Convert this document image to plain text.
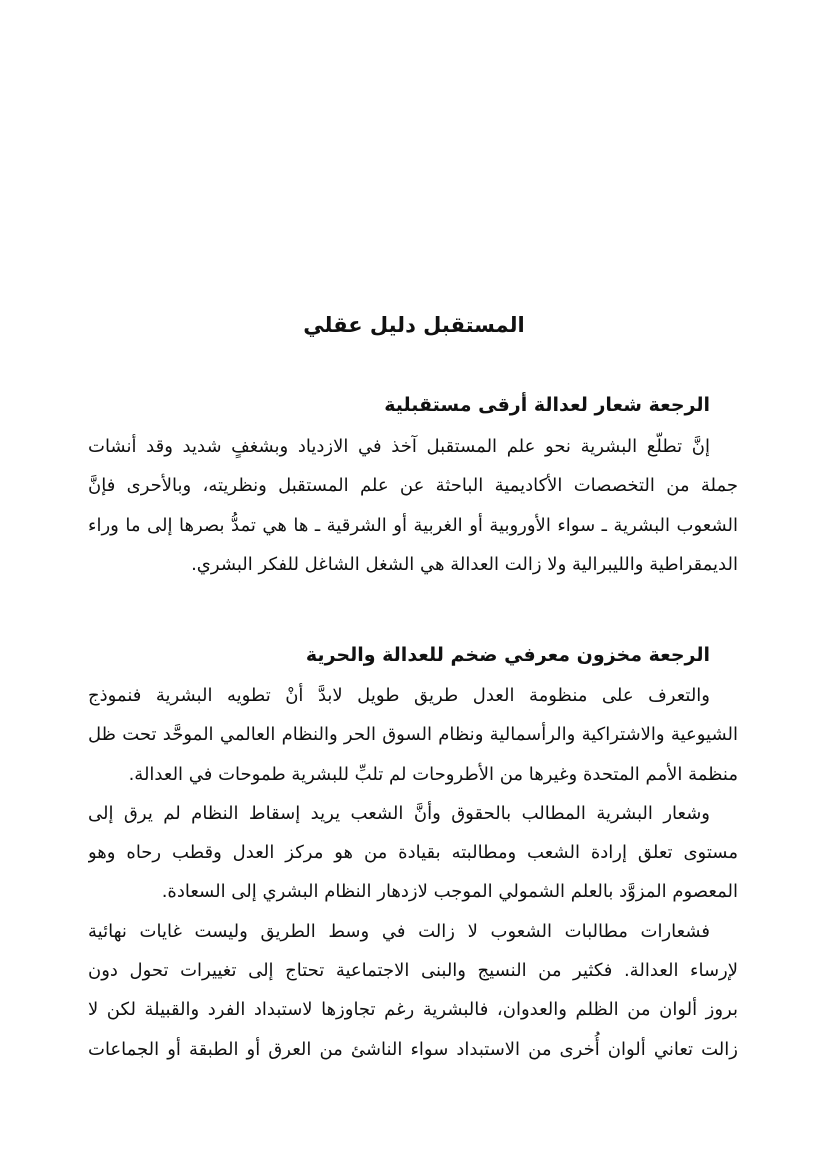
المستقبل دليل عقلي
الرجعة شعار لعدالة أرقى مستقبلية

إنَّ تطلّع البشرية نحو علم المستقبل آخذ في الازدياد وبشغفٍ شديد وقد أنشات
جملة من التخصصات الأكاديمية الباحثة عن علم المستقبل ونظريته، وبالأحرى فإنَّ
الشعوب البشرية ـ سواء الأوروبية أو الغربية أو الشرقية ـ ها هي تمدُّ بصرها إلى ما وراء
الديمقراطية والليبرالية ولا زالت العدالة هي الشغل الشاغل للفكر البشري.

الرجعة مخزون معرفي ضخم للعدالة والحرية

والتعرف على منظومة العدل طريق طويل لابدَّ أنْ تطويه البشرية فنموذج
الشيوعية والاشتراكية والرأسمالية ونظام السوق الحر والنظام العالمي الموحَّد تحت ظل
منظمة الأمم المتحدة وغيرها من الأطروحات لم تلبِّ للبشرية طموحات في العدالة.

وشعار البشرية المطالب بالحقوق وأنَّ الشعب يريد إسقاط النظام لم يرق إلى
مستوى تعلق إرادة الشعب ومطالبته بقيادة من هو مركز العدل وقطب رحاه وهو
المعصوم المزوَّد بالعلم الشمولي الموجب لازدهار النظام البشري إلى السعادة.

فشعارات مطالبات الشعوب لا زالت في وسط الطريق وليست غايات نهائية
لإرساء العدالة. فكثير من النسيج والبنى الاجتماعية تحتاج إلى تغييرات تحول دون
بروز ألوان من الظلم والعدوان، فالبشرية رغم تجاوزها لاستبداد الفرد والقبيلة لكن لا
زالت تعاني ألوان أُخرى من الاستبداد سواء الناشئ من العرق أو الطبقة أو الجماعات
